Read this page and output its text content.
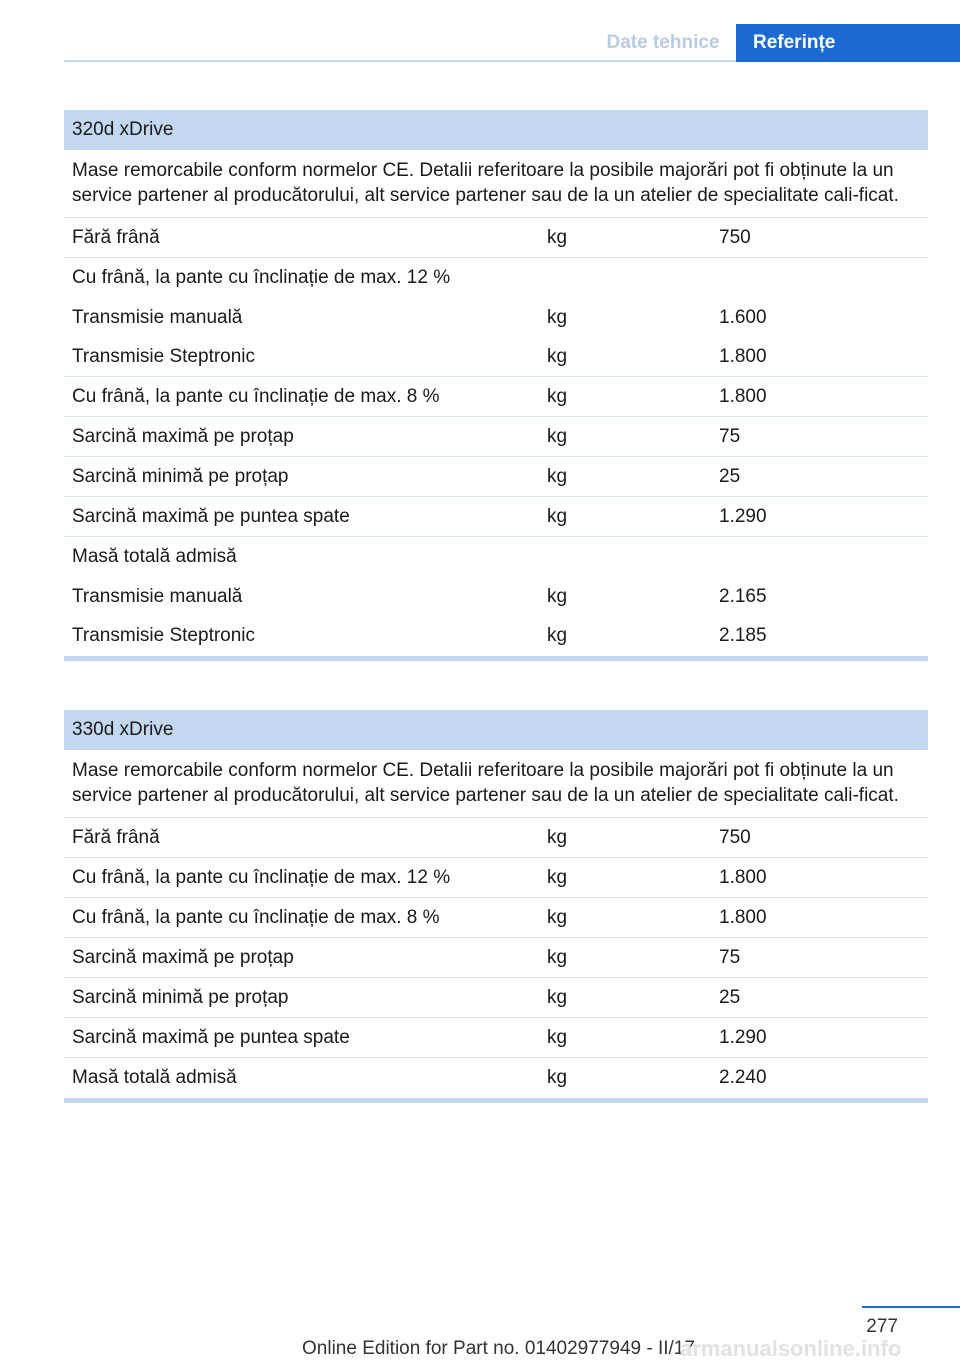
Date tehnice	Referințe
320d xDrive
Mase remorcabile conform normelor CE. Detalii referitoare la posibile majorări pot fi obținute la un service partener al producătorului, alt service partener sau de la un atelier de specialitate cali‐ficat.
Fără frână	kg	750
Cu frână, la pante cu înclinație de max. 12 %
Transmisie manuală	kg	1.600
Transmisie Steptronic	kg	1.800
Cu frână, la pante cu înclinație de max. 8 %	kg	1.800
Sarcină maximă pe proțap	kg	75
Sarcină minimă pe proțap	kg	25
Sarcină maximă pe puntea spate	kg	1.290
Masă totală admisă
Transmisie manuală	kg	2.165
Transmisie Steptronic	kg	2.185
330d xDrive
Mase remorcabile conform normelor CE. Detalii referitoare la posibile majorări pot fi obținute la un service partener al producătorului, alt service partener sau de la un atelier de specialitate cali‐ficat.
Fără frână	kg	750
Cu frână, la pante cu înclinație de max. 12 %	kg	1.800
Cu frână, la pante cu înclinație de max. 8 %	kg	1.800
Sarcină maximă pe proțap	kg	75
Sarcină minimă pe proțap	kg	25
Sarcină maximă pe puntea spate	kg	1.290
Masă totală admisă	kg	2.240
277
Online Edition for Part no. 01402977949 - II/17
armanualsonline.info
